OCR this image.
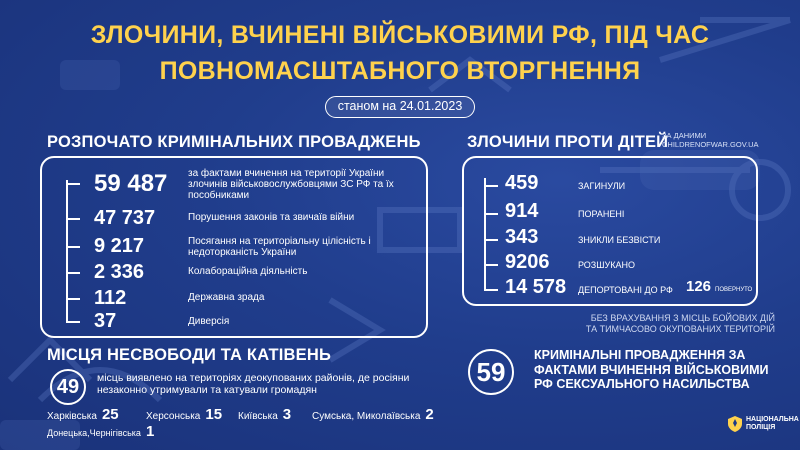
ЗЛОЧИНИ, ВЧИНЕНІ ВІЙСЬКОВИМИ РФ, ПІД ЧАС
ПОВНОМАСШТАБНОГО ВТОРГНЕННЯ
станом на 24.01.2023
РОЗПОЧАТО КРИМІНАЛЬНИХ ПРОВАДЖЕНЬ
59 487 за фактами вчинення на території України злочинів військовослужбовцями ЗС РФ та їх пособниками
47 737	Порушення законів та звичаїв війни
9 217	Посягання на територіальну цілісність і недоторканість України
2 336	Колабораційна діяльність
112	Державна зрада
37	Диверсія
ЗЛОЧИНИ ПРОТИ ДІТЕЙ
ЗА ДАНИМИ
CHILDRENOFWAR.GOV.UA
459	ЗАГИНУЛИ
914	ПОРАНЕНІ
343	ЗНИКЛИ БЕЗВІСТИ
9206	РОЗШУКАНО
14 578 ДЕПОРТОВАНІ ДО РФ 126 ПОВЕРНУТО
БЕЗ ВРАХУВАННЯ З МІСЦЬ БОЙОВИХ ДІЙ
ТА ТИМЧАСОВО ОКУПОВАНИХ ТЕРИТОРІЙ
МІСЦЯ НЕСВОБОДИ ТА КАТІВЕНЬ
49	місць виявлено на територіях деокупованих районів, де росіяни незаконно утримували та катували громадян
Харківська 25	Херсонська 15 Київська 3 Сумська, Миколаївська 2
Донецька,Чернігівська 1
59
КРИМІНАЛЬНІ ПРОВАДЖЕННЯ ЗА ФАКТАМИ ВЧИНЕННЯ ВІЙСЬКОВИМИ РФ СЕКСУАЛЬНОГО НАСИЛЬСТВА
НАЦІОНАЛЬНА
ПОЛІЦІЯ
